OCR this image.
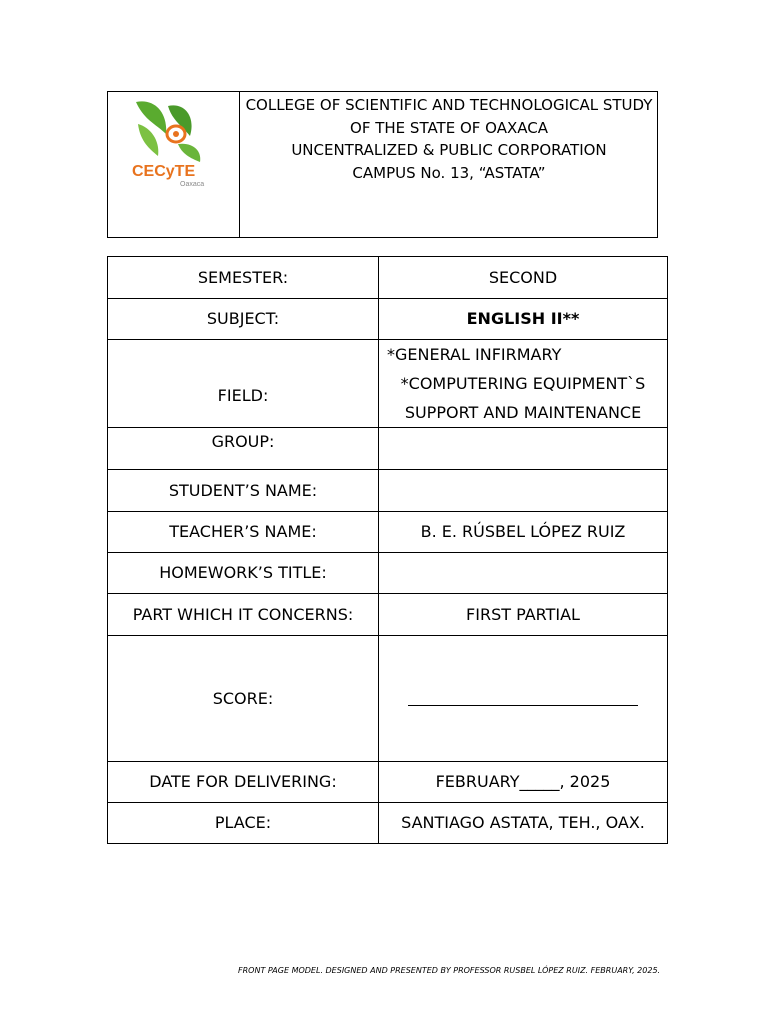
CECyTE
Oaxaca
COLLEGE OF SCIENTIFIC AND TECHNOLOGICAL STUDY
OF THE STATE OF OAXACA
UNCENTRALIZED & PUBLIC CORPORATION
CAMPUS No. 13, “ASTATA”
SEMESTER:	SECOND
SUBJECT:	ENGLISH II**
FIELD:	*GENERAL INFIRMARY
*COMPUTERING EQUIPMENT`S
SUPPORT AND MAINTENANCE

GROUP:	
STUDENT’S NAME:	
TEACHER’S NAME:	B. E. RÚSBEL LÓPEZ RUIZ
HOMEWORK’S TITLE:	
PART WHICH IT CONCERNS:	FIRST PARTIAL
SCORE:	
DATE FOR DELIVERING:	FEBRUARY_____, 2025
PLACE:	SANTIAGO ASTATA, TEH., OAX.
FRONT PAGE MODEL. DESIGNED AND PRESENTED BY PROFESSOR RUSBEL LÓPEZ RUIZ. FEBRUARY, 2025.
